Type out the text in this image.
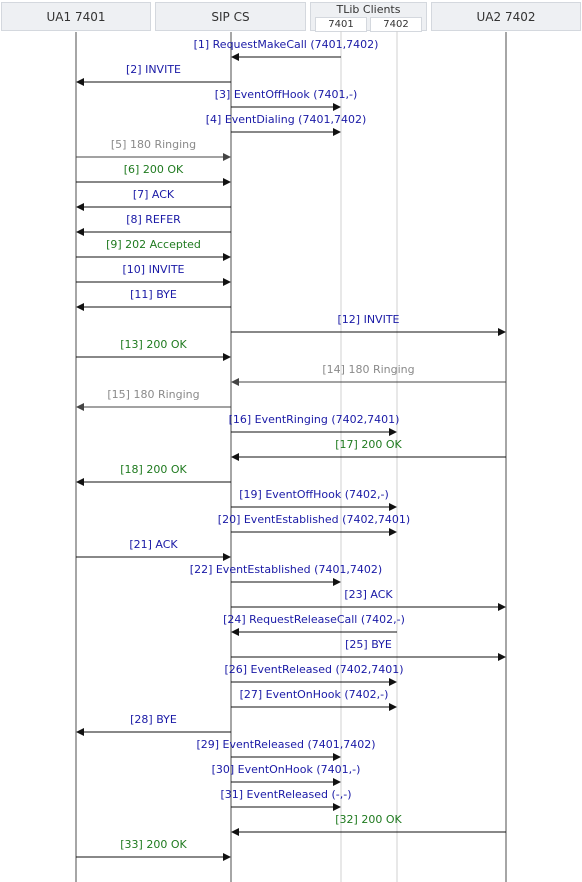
UA1 7401	SIP CS
TLib Clients
7401	7402
UA2 7402
[1] RequestMakeCall (7401,7402)
[2] INVITE
[3] EventOffHook (7401,-)
[4] EventDialing (7401,7402)
[5] 180 Ringing
[6] 200 OK
[7] ACK
[8] REFER
[9] 202 Accepted
[10] INVITE
[11] BYE
[12] INVITE
[13] 200 OK
[14] 180 Ringing
[15] 180 Ringing
[16] EventRinging (7402,7401)
[17] 200 OK
[18] 200 OK
[19] EventOffHook (7402,-)
[20] EventEstablished (7402,7401)
[21] ACK
[22] EventEstablished (7401,7402)
[23] ACK
[24] RequestReleaseCall (7402,-)
[25] BYE
[26] EventReleased (7402,7401)
[27] EventOnHook (7402,-)
[28] BYE
[29] EventReleased (7401,7402)
[30] EventOnHook (7401,-)
[31] EventReleased (-,-)
[32] 200 OK
[33] 200 OK
